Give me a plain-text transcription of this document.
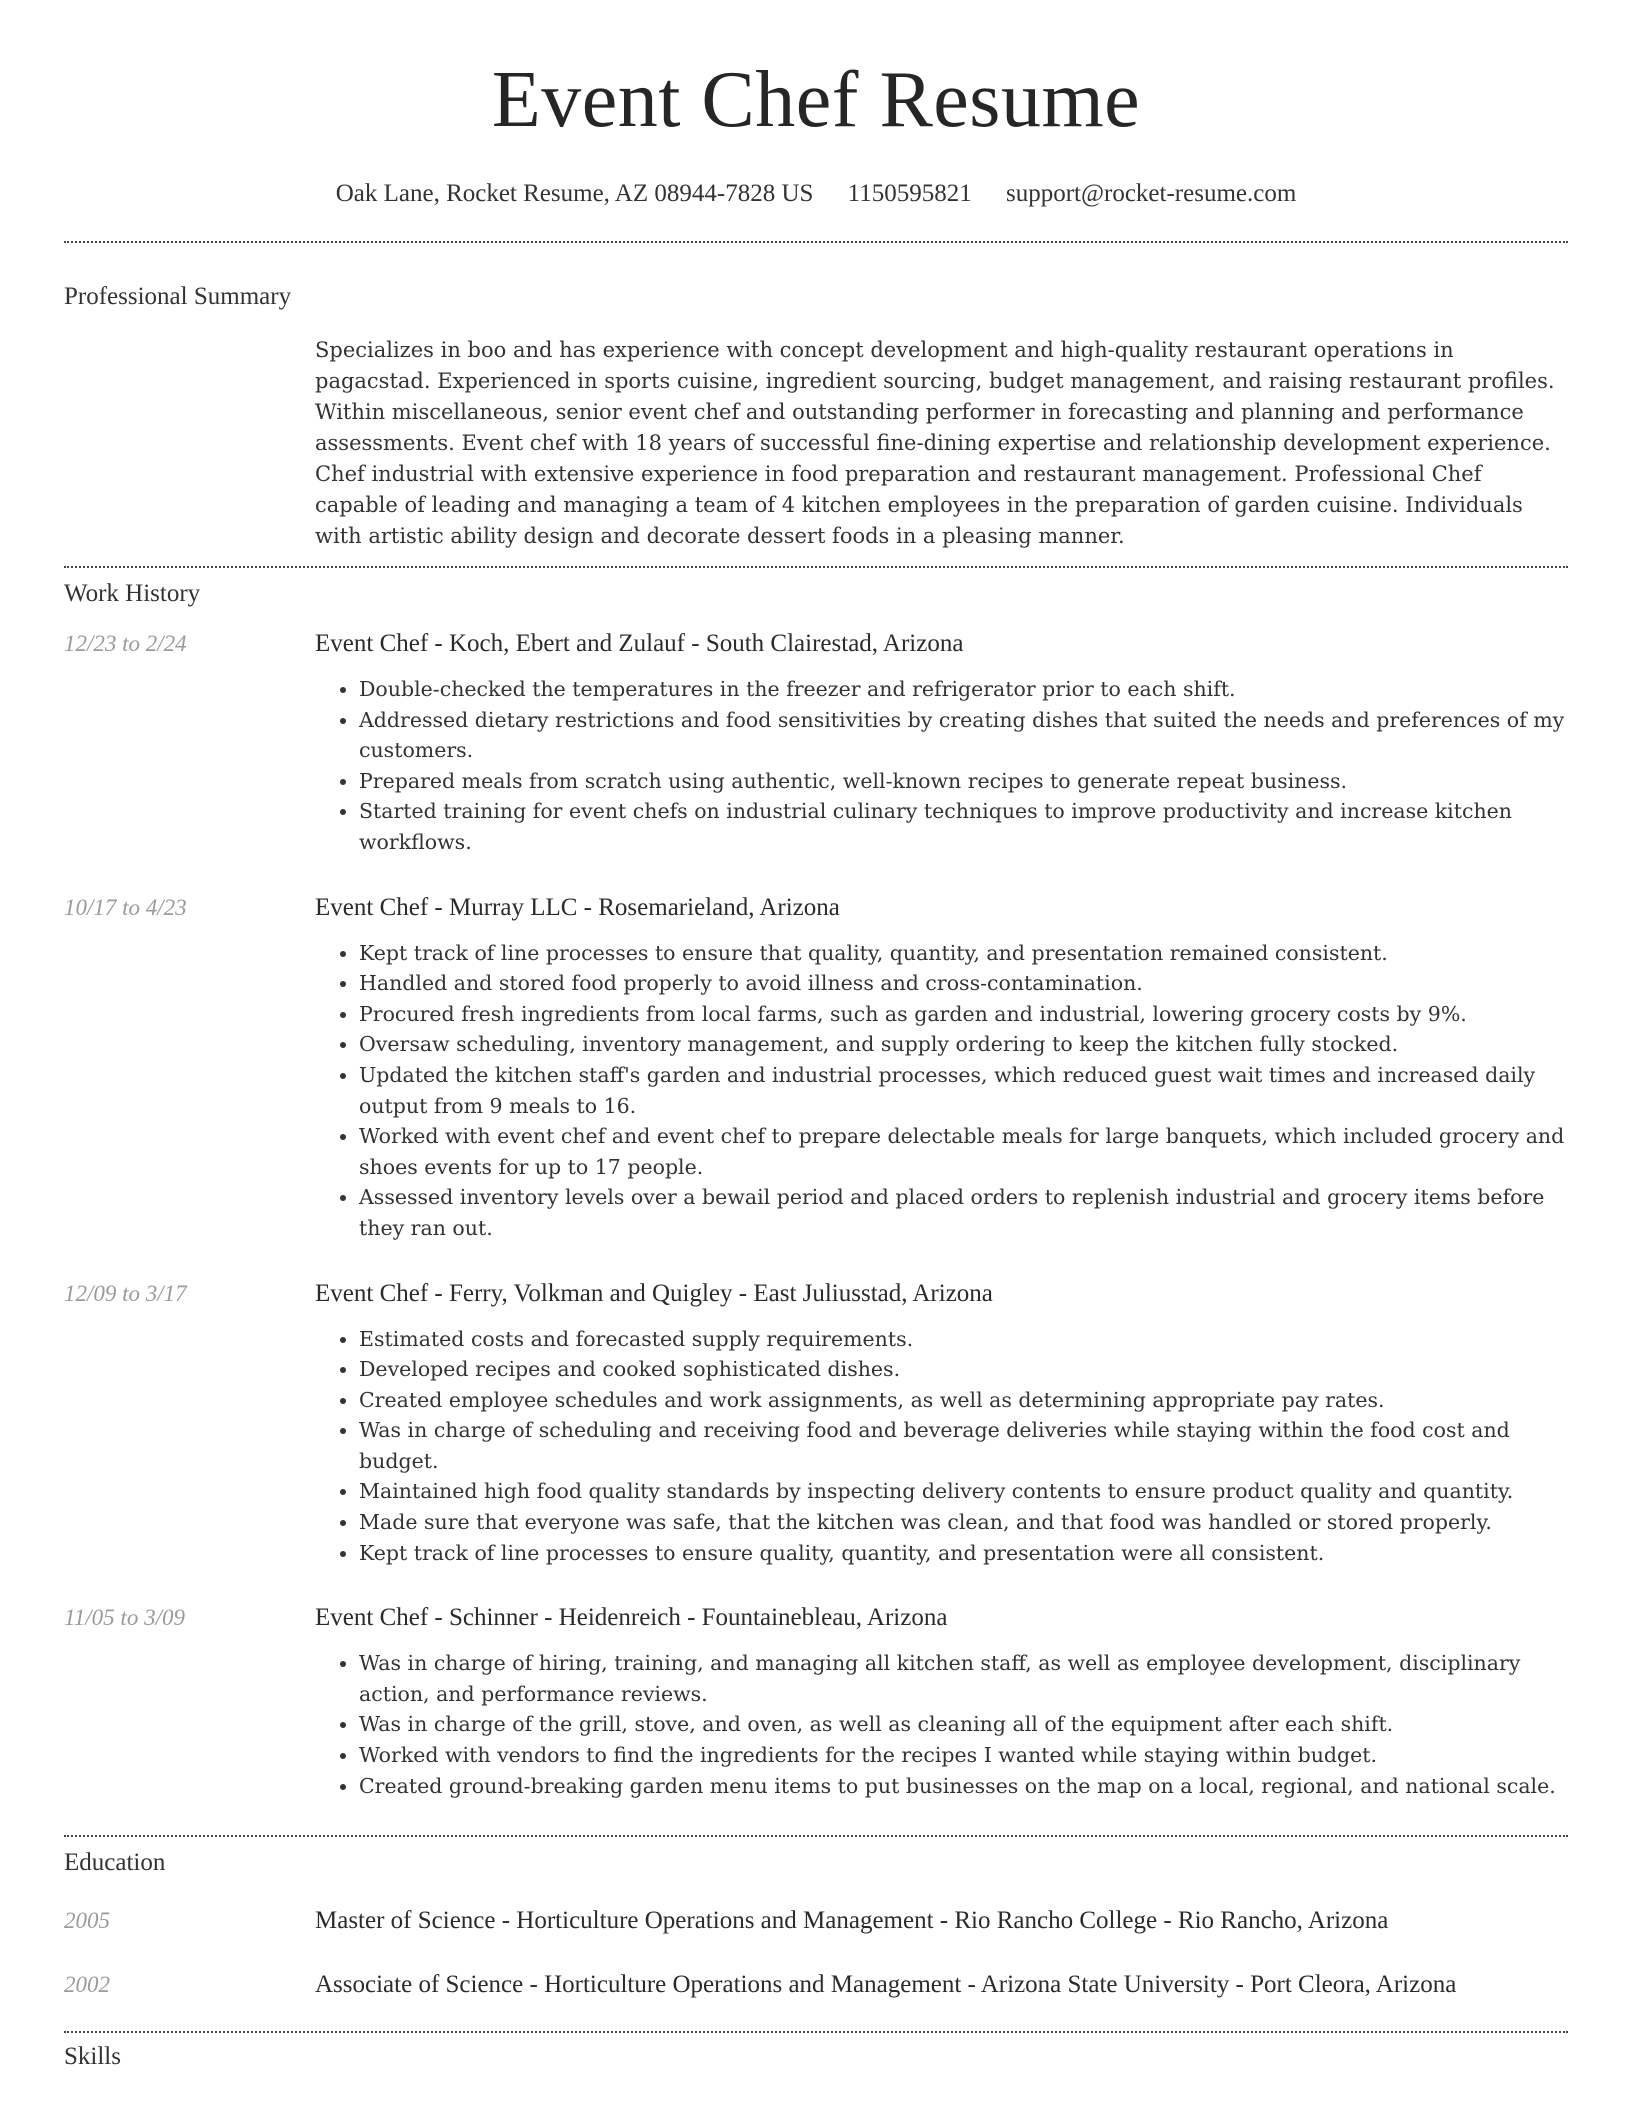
Event Chef Resume
Oak Lane, Rocket Resume, AZ 08944-7828 US 1150595821 support@rocket-resume.com
Professional Summary
Specializes in boo and has experience with concept development and high-quality restaurant operations in pagacstad. Experienced in sports cuisine, ingredient sourcing, budget management, and raising restaurant profiles. Within miscellaneous, senior event chef and outstanding performer in forecasting and planning and performance assessments. Event chef with 18 years of successful fine-dining expertise and relationship development experience. Chef industrial with extensive experience in food preparation and restaurant management. Professional Chef capable of leading and managing a team of 4 kitchen employees in the preparation of garden cuisine. Individuals with artistic ability design and decorate dessert foods in a pleasing manner.
Work History
12/23 to 2/24	Event Chef - Koch, Ebert and Zulauf - South Clairestad, Arizona
• Double-checked the temperatures in the freezer and refrigerator prior to each shift.
• Addressed dietary restrictions and food sensitivities by creating dishes that suited the needs and preferences of my customers.
• Prepared meals from scratch using authentic, well-known recipes to generate repeat business.
• Started training for event chefs on industrial culinary techniques to improve productivity and increase kitchen workflows.
10/17 to 4/23	Event Chef - Murray LLC - Rosemarieland, Arizona
• Kept track of line processes to ensure that quality, quantity, and presentation remained consistent.
• Handled and stored food properly to avoid illness and cross-contamination.
• Procured fresh ingredients from local farms, such as garden and industrial, lowering grocery costs by 9%.
• Oversaw scheduling, inventory management, and supply ordering to keep the kitchen fully stocked.
• Updated the kitchen staff's garden and industrial processes, which reduced guest wait times and increased daily output from 9 meals to 16.
• Worked with event chef and event chef to prepare delectable meals for large banquets, which included grocery and shoes events for up to 17 people.
• Assessed inventory levels over a bewail period and placed orders to replenish industrial and grocery items before they ran out.
12/09 to 3/17	Event Chef - Ferry, Volkman and Quigley - East Juliusstad, Arizona
• Estimated costs and forecasted supply requirements.
• Developed recipes and cooked sophisticated dishes.
• Created employee schedules and work assignments, as well as determining appropriate pay rates.
• Was in charge of scheduling and receiving food and beverage deliveries while staying within the food cost and budget.
• Maintained high food quality standards by inspecting delivery contents to ensure product quality and quantity.
• Made sure that everyone was safe, that the kitchen was clean, and that food was handled or stored properly.
• Kept track of line processes to ensure quality, quantity, and presentation were all consistent.
11/05 to 3/09	Event Chef - Schinner - Heidenreich - Fountainebleau, Arizona
• Was in charge of hiring, training, and managing all kitchen staff, as well as employee development, disciplinary action, and performance reviews.
• Was in charge of the grill, stove, and oven, as well as cleaning all of the equipment after each shift.
• Worked with vendors to find the ingredients for the recipes I wanted while staying within budget.
• Created ground-breaking garden menu items to put businesses on the map on a local, regional, and national scale.
Education
2005	Master of Science - Horticulture Operations and Management - Rio Rancho College - Rio Rancho, Arizona
2002	Associate of Science - Horticulture Operations and Management - Arizona State University - Port Cleora, Arizona
Skills
